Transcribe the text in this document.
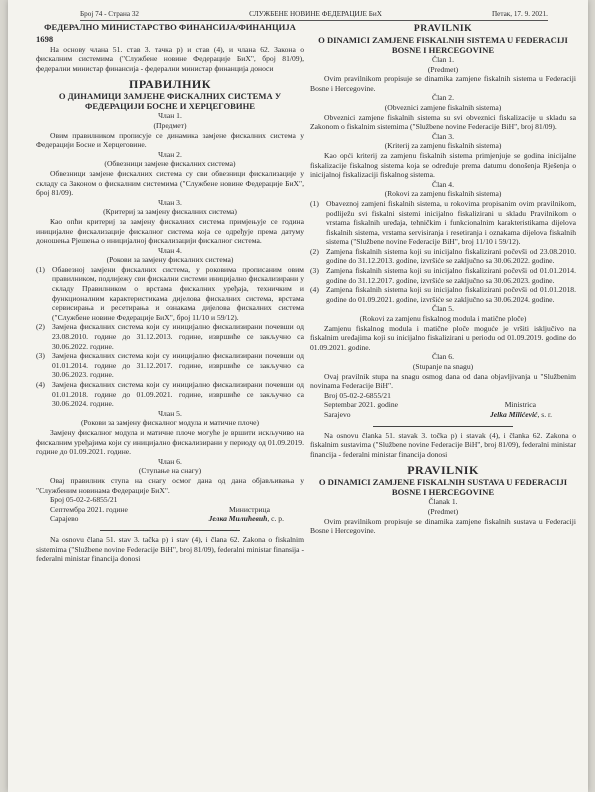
Број 74 - Страна 32	СЛУЖБЕНЕ НОВИНЕ ФЕДЕРАЦИЈЕ БиХ	Петак, 17. 9. 2021.

ФЕДЕРАЛНО МИНИСТАРСТВО ФИНАНСИЈА/ФИНАНЦИЈА

1698

На основу члана 51. став 3. тачка р) и став (4), и члана 62. Закона о фискалним системима ("Службене новине Федерације БиХ", број 81/09), федерални министар финансија - федерални министар финанција доноси

ПРАВИЛНИК

О ДИНАМИЦИ ЗАМЈЕНЕ ФИСКАЛНИХ СИСТЕМА У ФЕДЕРАЦИЈИ БОСНЕ И ХЕРЦЕГОВИНЕ

Члан 1.

(Предмет)

Овим правилником прописује се динамика замјене фискалних система у Федерацији Босне и Херцеговине.

Члан 2.

(Обвезници замјене фискалних система)

Обвезници замјене фискалних система су сви обвезници фискализације у складу са Законом о фискалним системима ("Службене новине Федерације БиХ", број 81/09).

Члан 3.

(Критериј за замјену фискалних система)

Као опћи критериј за замјену фискалних система примјењује се година иницијалне фискализације фискалног система која се одређује према датуму доношења Рјешења о иницијалној фискализацији фискалног система.

Члан 4.

(Рокови за замјену фискалних система)

(1) Обавезној замјени фискалних система, у роковима прописаним овим правилником, подлијежу сви фискални системи иницијално фискализирани у складу Правилником о врстама фискалних уређаја, техничким и функционалним карактеристикама дијелова фискалних система, врстама сервисирања и ресетирања и ознакама дијелова фискалних система ("Службене новине Федерације БиХ", број 11/10 и 59/12).
(2) Замјена фискалних система који су иницијално фискализирани почевши од 23.08.2010. године до 31.12.2013. године, извршиће се закључно са 30.06.2022. године.
(3) Замјена фискалних система који су иницијално фискализирани почевши од 01.01.2014. године до 31.12.2017. године, извршиће се закључно са 30.06.2023. године.
(4) Замјена фискалних система који су иницијално фискализирани почевши од 01.01.2018. године до 01.09.2021. године, извршиће се закључно са 30.06.2024. године.

Члан 5.

(Рокови за замјену фискалног модула и матичне плоче)

Замјену фискалног модула и матичне плоче могуће је вршити искључиво на фискалним уређајима који су иницијално фискализирани у периоду од 01.09.2019. године до 01.09.2021. године.

Члан 6.

(Ступање на снагу)

Овај правилник ступа на снагу осмог дана од дана објављивања у "Службеним новинама Федерације БиХ".

Број 05-02-2-6855/21

Септембра 2021. године	Министрица
Сарајево	Јелка Милићевић, с. р.

Na osnovu člana 51. stav 3. tačka p) i stav (4), i člana 62. Zakona o fiskalnim sistemima ("Službene novine Federacije BiH", broj 81/09), federalni ministar finansija - federalni ministar financija donosi

PRAVILNIK

O DINAMICI ZAMJENE FISKALNIH SISTEMA U FEDERACIJI BOSNE I HERCEGOVINE

Član 1.

(Predmet)

Ovim pravilnikom propisuje se dinamika zamjene fiskalnih sistema u Federaciji Bosne i Hercegovine.

Član 2.

(Obveznici zamjene fiskalnih sistema)

Obveznici zamjene fiskalnih sistema su svi obveznici fiskalizacije u skladu sa Zakonom o fiskalnim sistemima ("Službene novine Federacije BiH", broj 81/09).

Član 3.

(Kriterij za zamjenu fiskalnih sistema)

Kao opći kriterij za zamjenu fiskalnih sistema primjenjuje se godina inicijalne fiskalizacije fiskalnog sistema koja se određuje prema datumu donošenja Rješenja o inicijalnoj fiskalizaciji fiskalnog sistema.

Član 4.

(Rokovi za zamjenu fiskalnih sistema)

(1) Obaveznoj zamjeni fiskalnih sistema, u rokovima propisanim ovim pravilnikom, podliježu svi fiskalni sistemi inicijalno fiskalizirani u skladu Pravilnikom o vrstama fiskalnih uređaja, tehničkim i funkcionalnim karakteristikama dijelova fiskalnih sistema, vrstama servisiranja i resetiranja i oznakama dijelova fiskalnih sistema ("Službene novine Federacije BiH", broj 11/10 i 59/12).
(2) Zamjena fiskalnih sistema koji su inicijalno fiskalizirani počevši od 23.08.2010. godine do 31.12.2013. godine, izvršiće se zaključno sa 30.06.2022. godine.
(3) Zamjena fiskalnih sistema koji su inicijalno fiskalizirani počevši od 01.01.2014. godine do 31.12.2017. godine, izvršiće se zaključno sa 30.06.2023. godine.
(4) Zamjena fiskalnih sistema koji su inicijalno fiskalizirani počevši od 01.01.2018. godine do 01.09.2021. godine, izvršiće se zaključno sa 30.06.2024. godine.

Član 5.

(Rokovi za zamjenu fiskalnog modula i matične ploče)

Zamjenu fiskalnog modula i matične ploče moguće je vršiti isključivo na fiskalnim uređajima koji su inicijalno fiskalizirani u periodu od 01.09.2019. godine do 01.09.2021. godine.

Član 6.

(Stupanje na snagu)

Ovaj pravilnik stupa na snagu osmog dana od dana objavljivanja u "Službenim novinama Federacije BiH".

Broj 05-02-2-6855/21

Septembar 2021. godine	Ministrica
Sarajevo	Jelka Milićević, s. r.

Na osnovu članka 51. stavak 3. točka p) i stavak (4), i članka 62. Zakona o fiskalnim sustavima ("Službene novine Federacije BiH", broj 81/09), federalni ministar financija - federalni ministar financija donosi

PRAVILNIK

O DINAMICI ZAMJENE FISKALNIH SUSTAVA U FEDERACIJI BOSNE I HERCEGOVINE

Članak 1.

(Predmet)

Ovim pravilnikom propisuje se dinamika zamjene fiskalnih sustava u Federaciji Bosne i Hercegovine.
